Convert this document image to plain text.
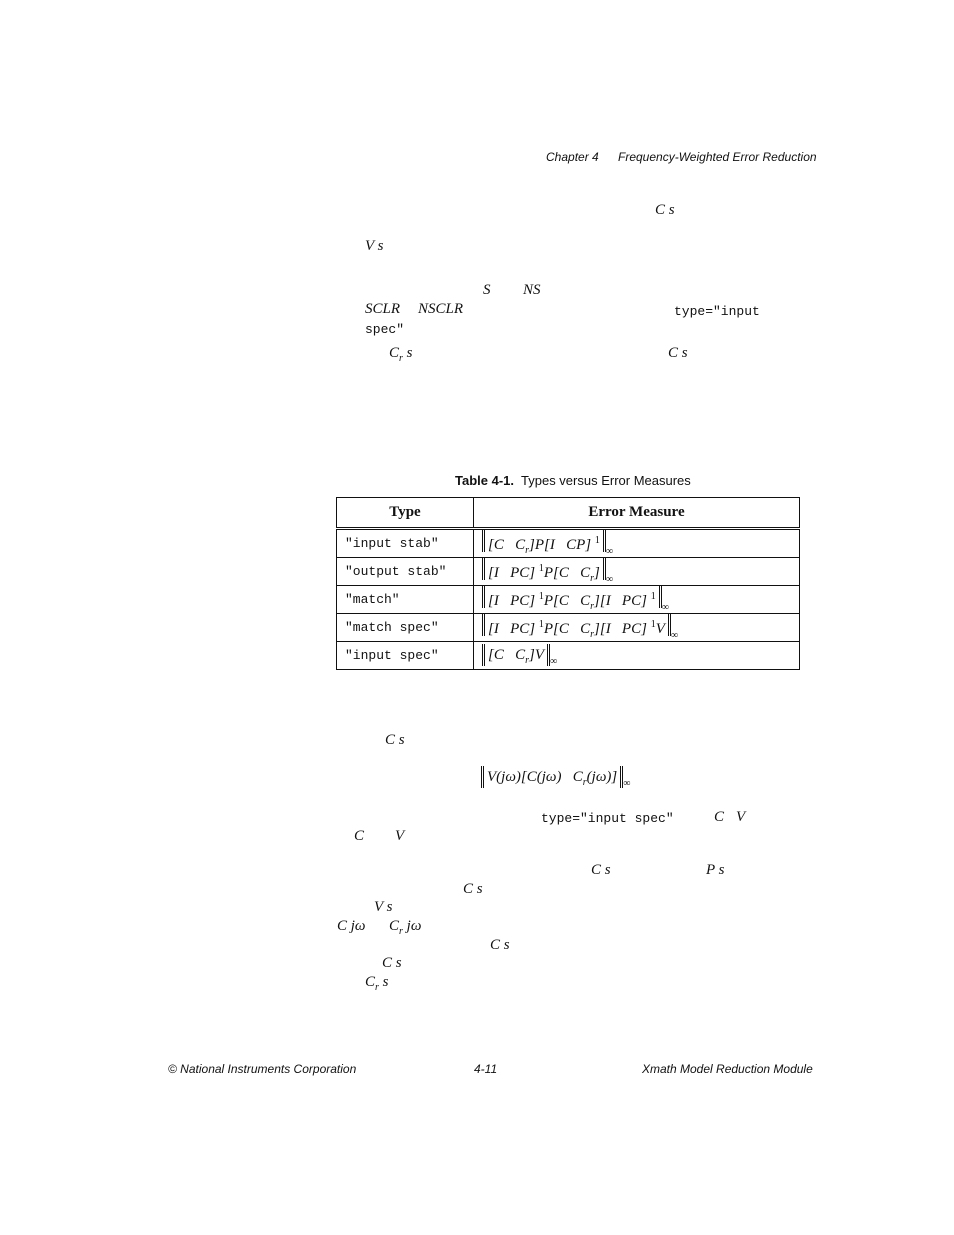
Chapter 4 Frequency-Weighted Error Reduction
C s
V s
S NS
SCLR NSCLR	type="input
spec"
$C_r$ s	C s
Table 4-1. Types versus Error Measures
Type	Error Measure
"input stab"	[C   $C_r]P[I$   CP] $^1_\infty$
"output stab"	[I   PC] $^1$P[C   $C_r$] $_\infty$
"match"	[I   PC] $^1$P[C   $C_r][I$   PC] $^1_\infty$
"match spec"	[I   PC] $^1$P[C   $C_r][I$   PC] $^1$V $_\infty$
"input spec"	[C   $C_r]V$ $_\infty$
C s
V(jω)[C(jω)   $C_r(j\omega)$] $_\infty$
type="input spec"	C V
C V
C s	P s
C s
V s
C jω $C_r$ jω
C s
C s
$C_r$ s
© National Instruments Corporation	4-11	Xmath Model Reduction Module
